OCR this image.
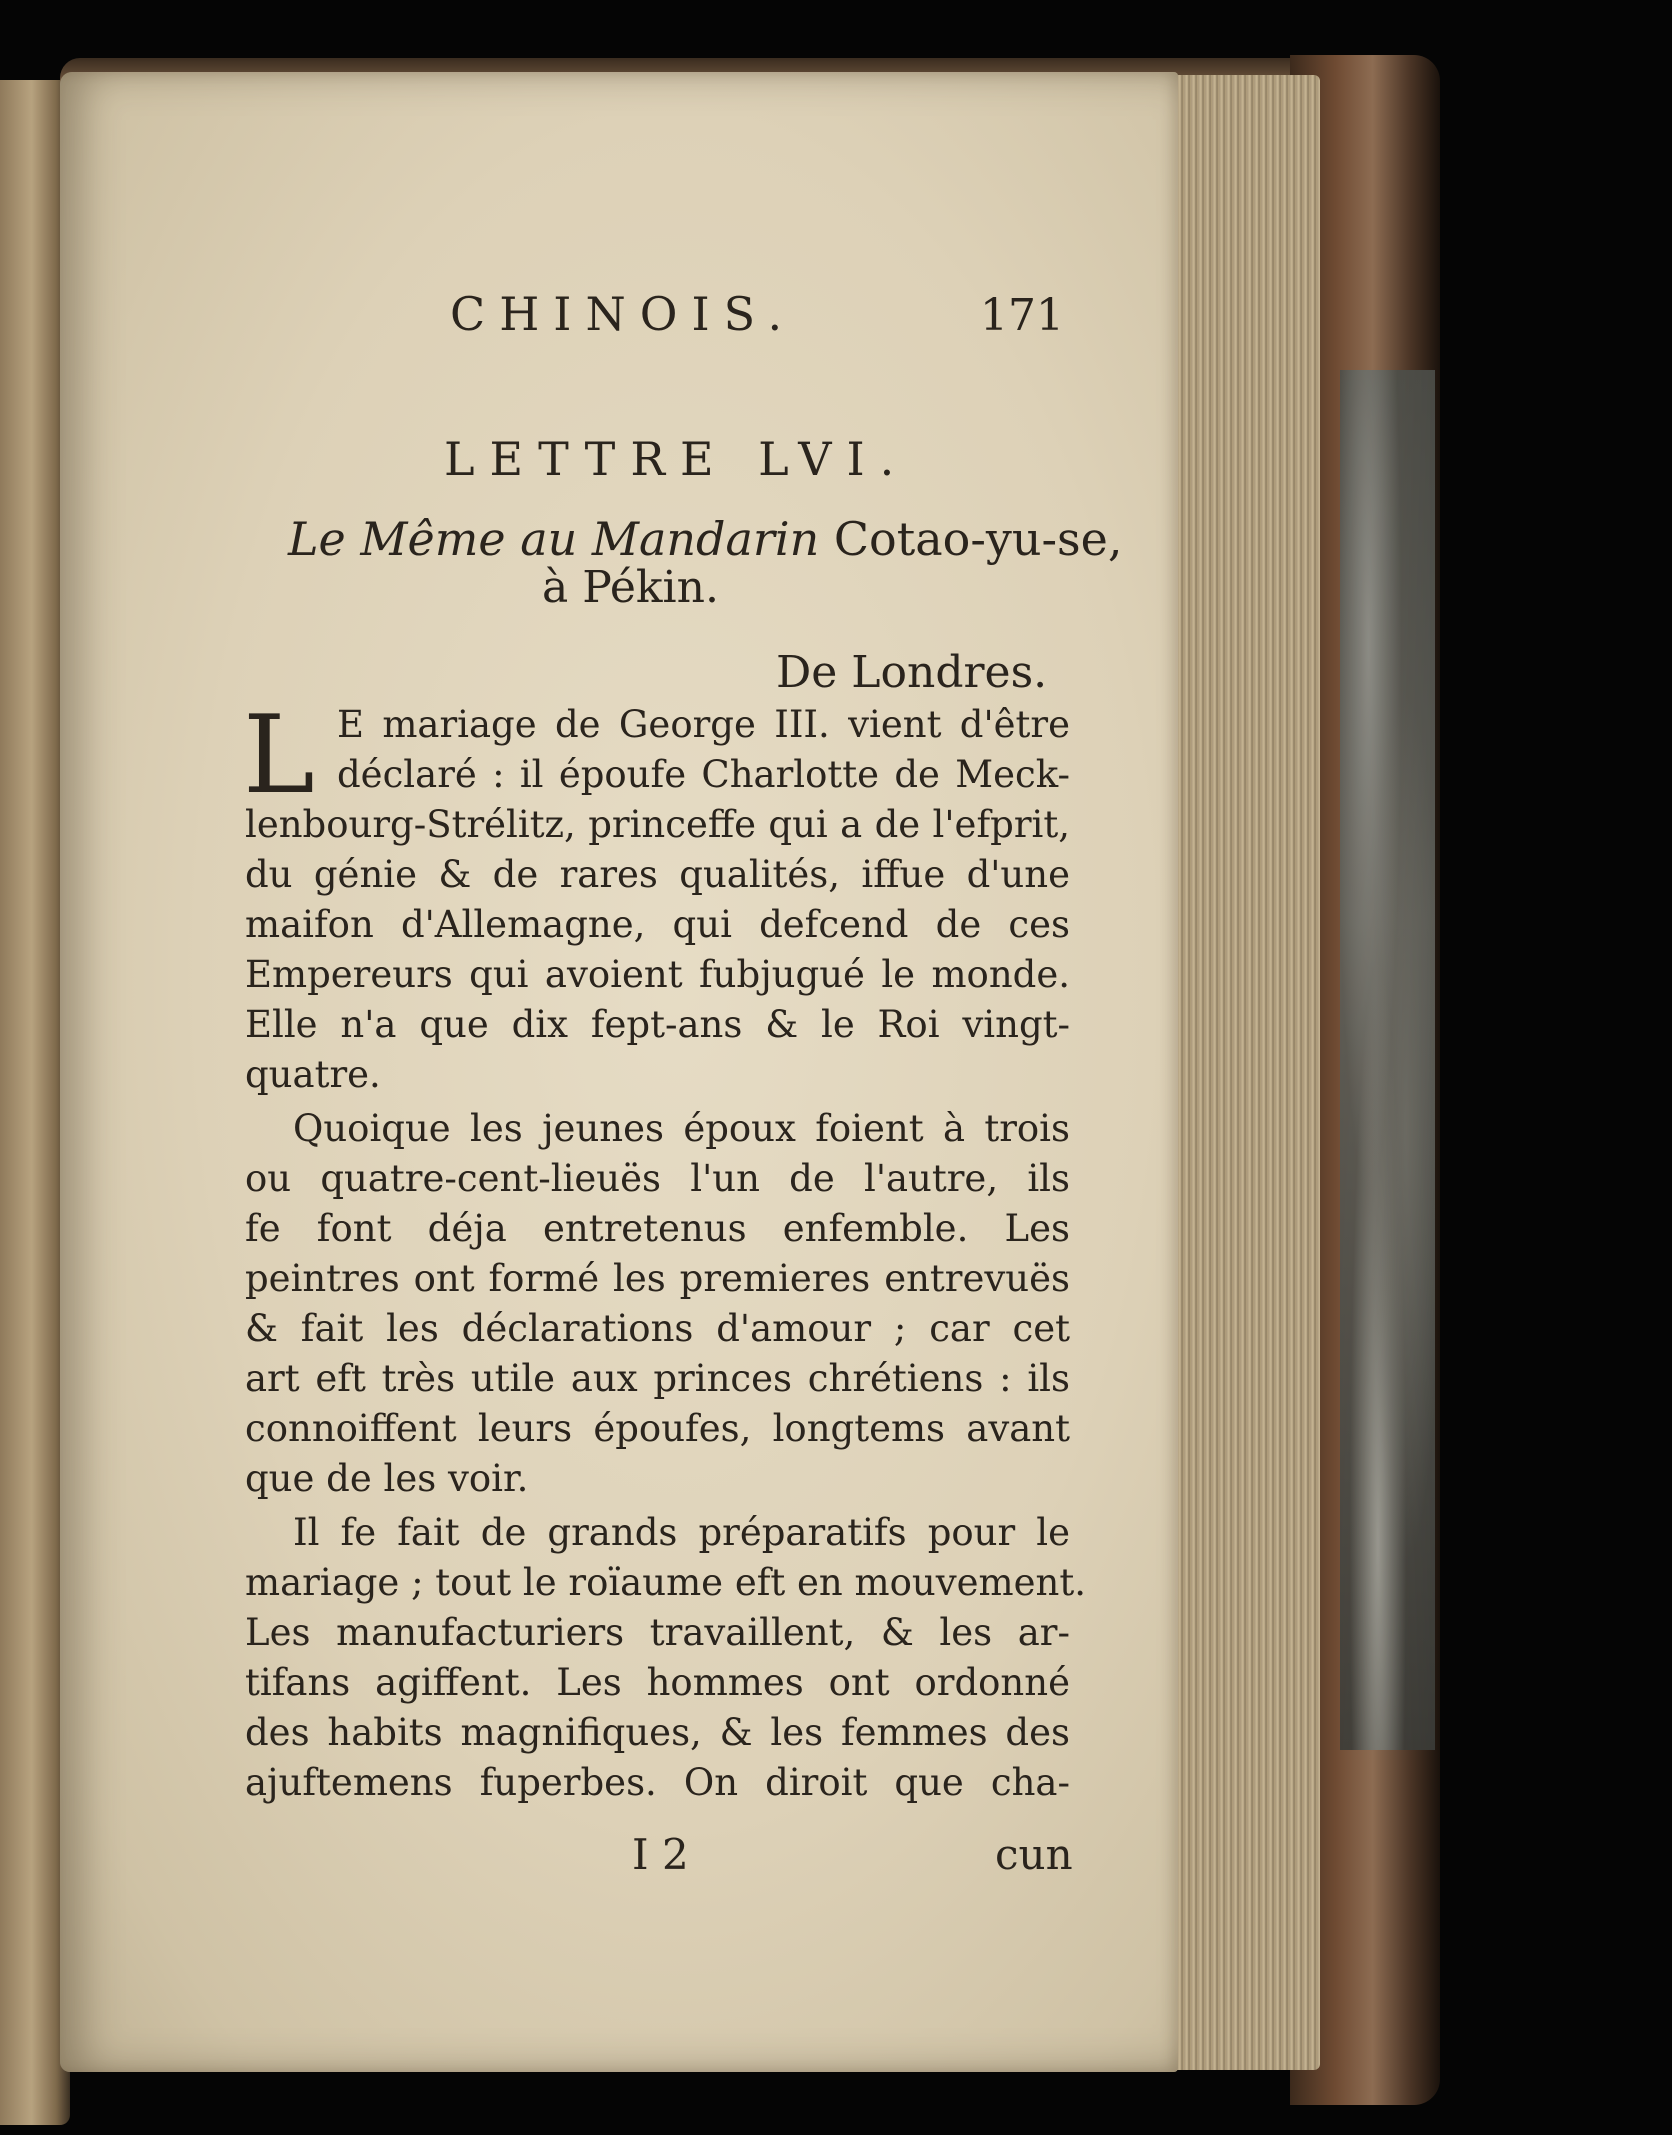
CHINOIS.	171
LETTRE LVI.
Le Même au Mandarin Cotao-yu-se,
à Pékin.
De Londres.
L E mariage de George III. vient d'être
déclaré : il époufe Charlotte de Meck-
lenbourg-Strélitz, princeffe qui a de l'efprit,
du génie & de rares qualités, iffue d'une
maifon d'Allemagne, qui defcend de ces
Empereurs qui avoient fubjugué le monde.
Elle n'a que dix fept-ans & le Roi vingt-
quatre.
Quoique les jeunes époux foient à trois
ou quatre-cent-lieuës l'un de l'autre, ils
fe font déja entretenus enfemble. Les
peintres ont formé les premieres entrevuës
& fait les déclarations d'amour ; car cet
art eft très utile aux princes chrétiens : ils
connoiffent leurs époufes, longtems avant
que de les voir.
Il fe fait de grands préparatifs pour le
mariage ; tout le roïaume eft en mouvement.
Les manufacturiers travaillent, & les ar-
tifans agiffent. Les hommes ont ordonné
des habits magnifiques, & les femmes des
ajuftemens fuperbes. On diroit que cha-
I 2	cun
